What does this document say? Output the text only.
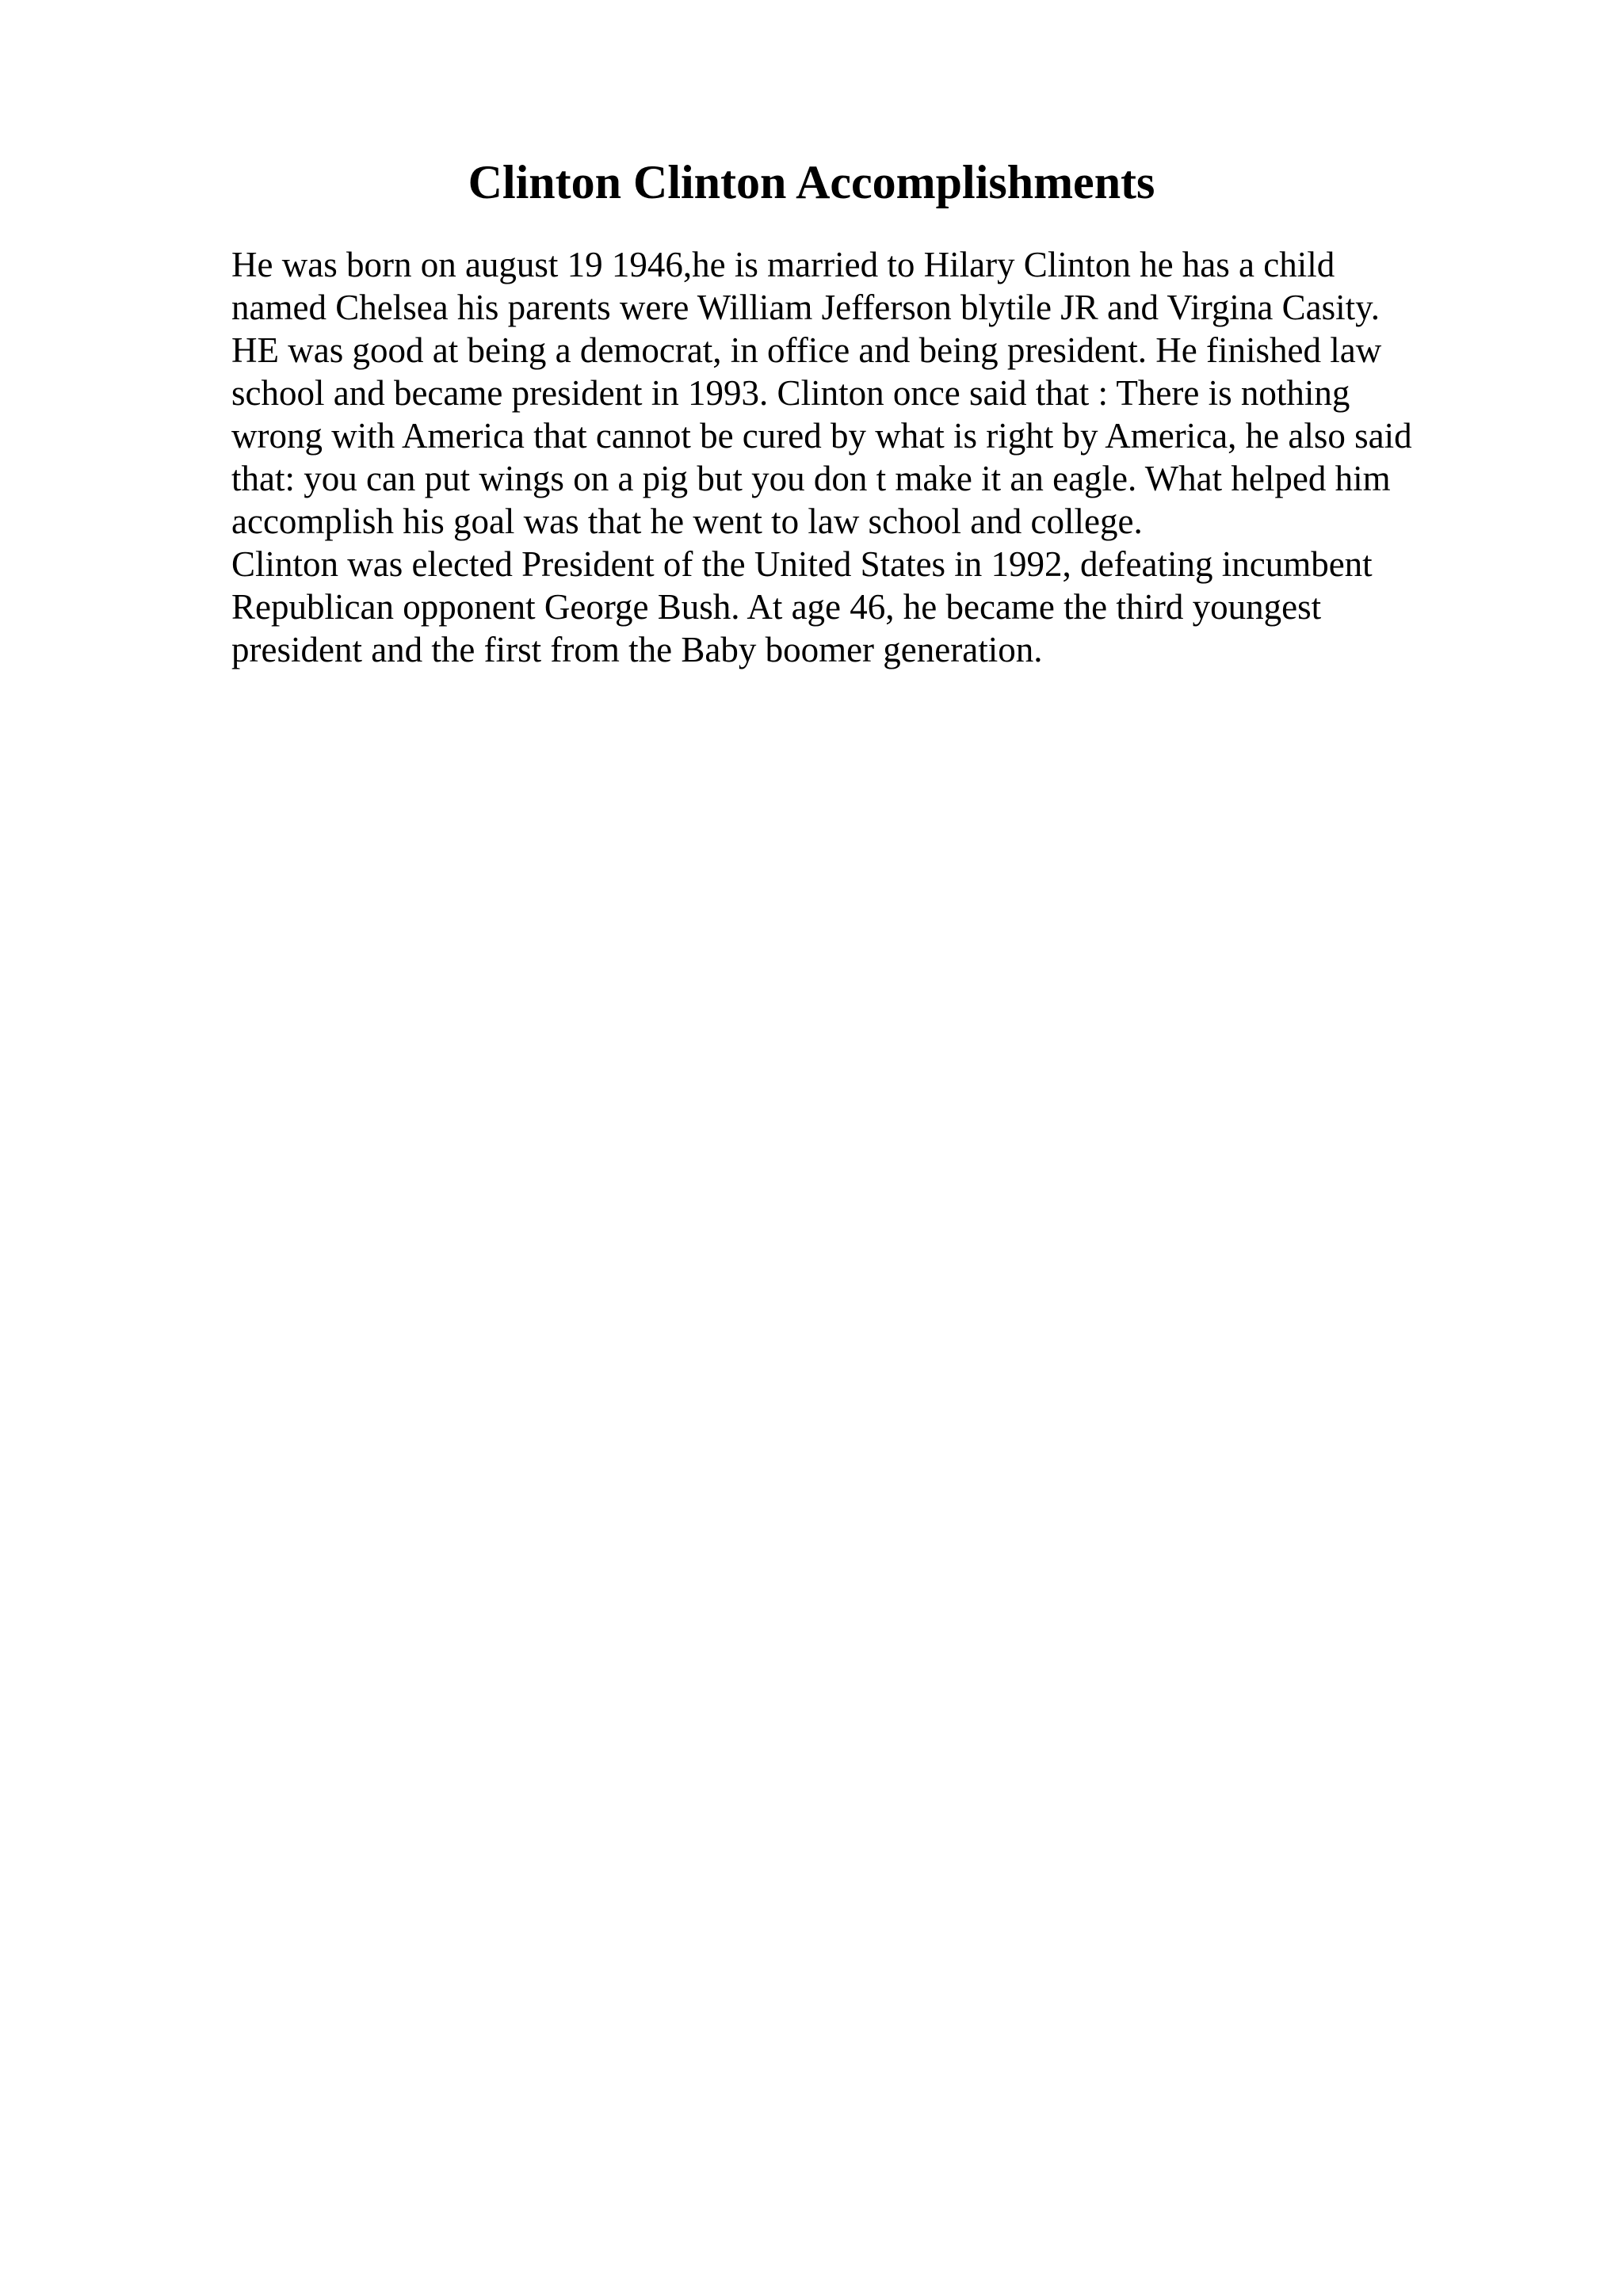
Clinton Clinton Accomplishments
He was born on august 19 1946,he is married to Hilary Clinton he has a child
named Chelsea his parents were William Jefferson blytile JR and Virgina Casity.
HE was good at being a democrat, in office and being president. He finished law
school and became president in 1993. Clinton once said that : There is nothing
wrong with America that cannot be cured by what is right by America, he also said
that: you can put wings on a pig but you don t make it an eagle. What helped him
accomplish his goal was that he went to law school and college.
Clinton was elected President of the United States in 1992, defeating incumbent
Republican opponent George Bush. At age 46, he became the third youngest
president and the first from the Baby boomer generation.
